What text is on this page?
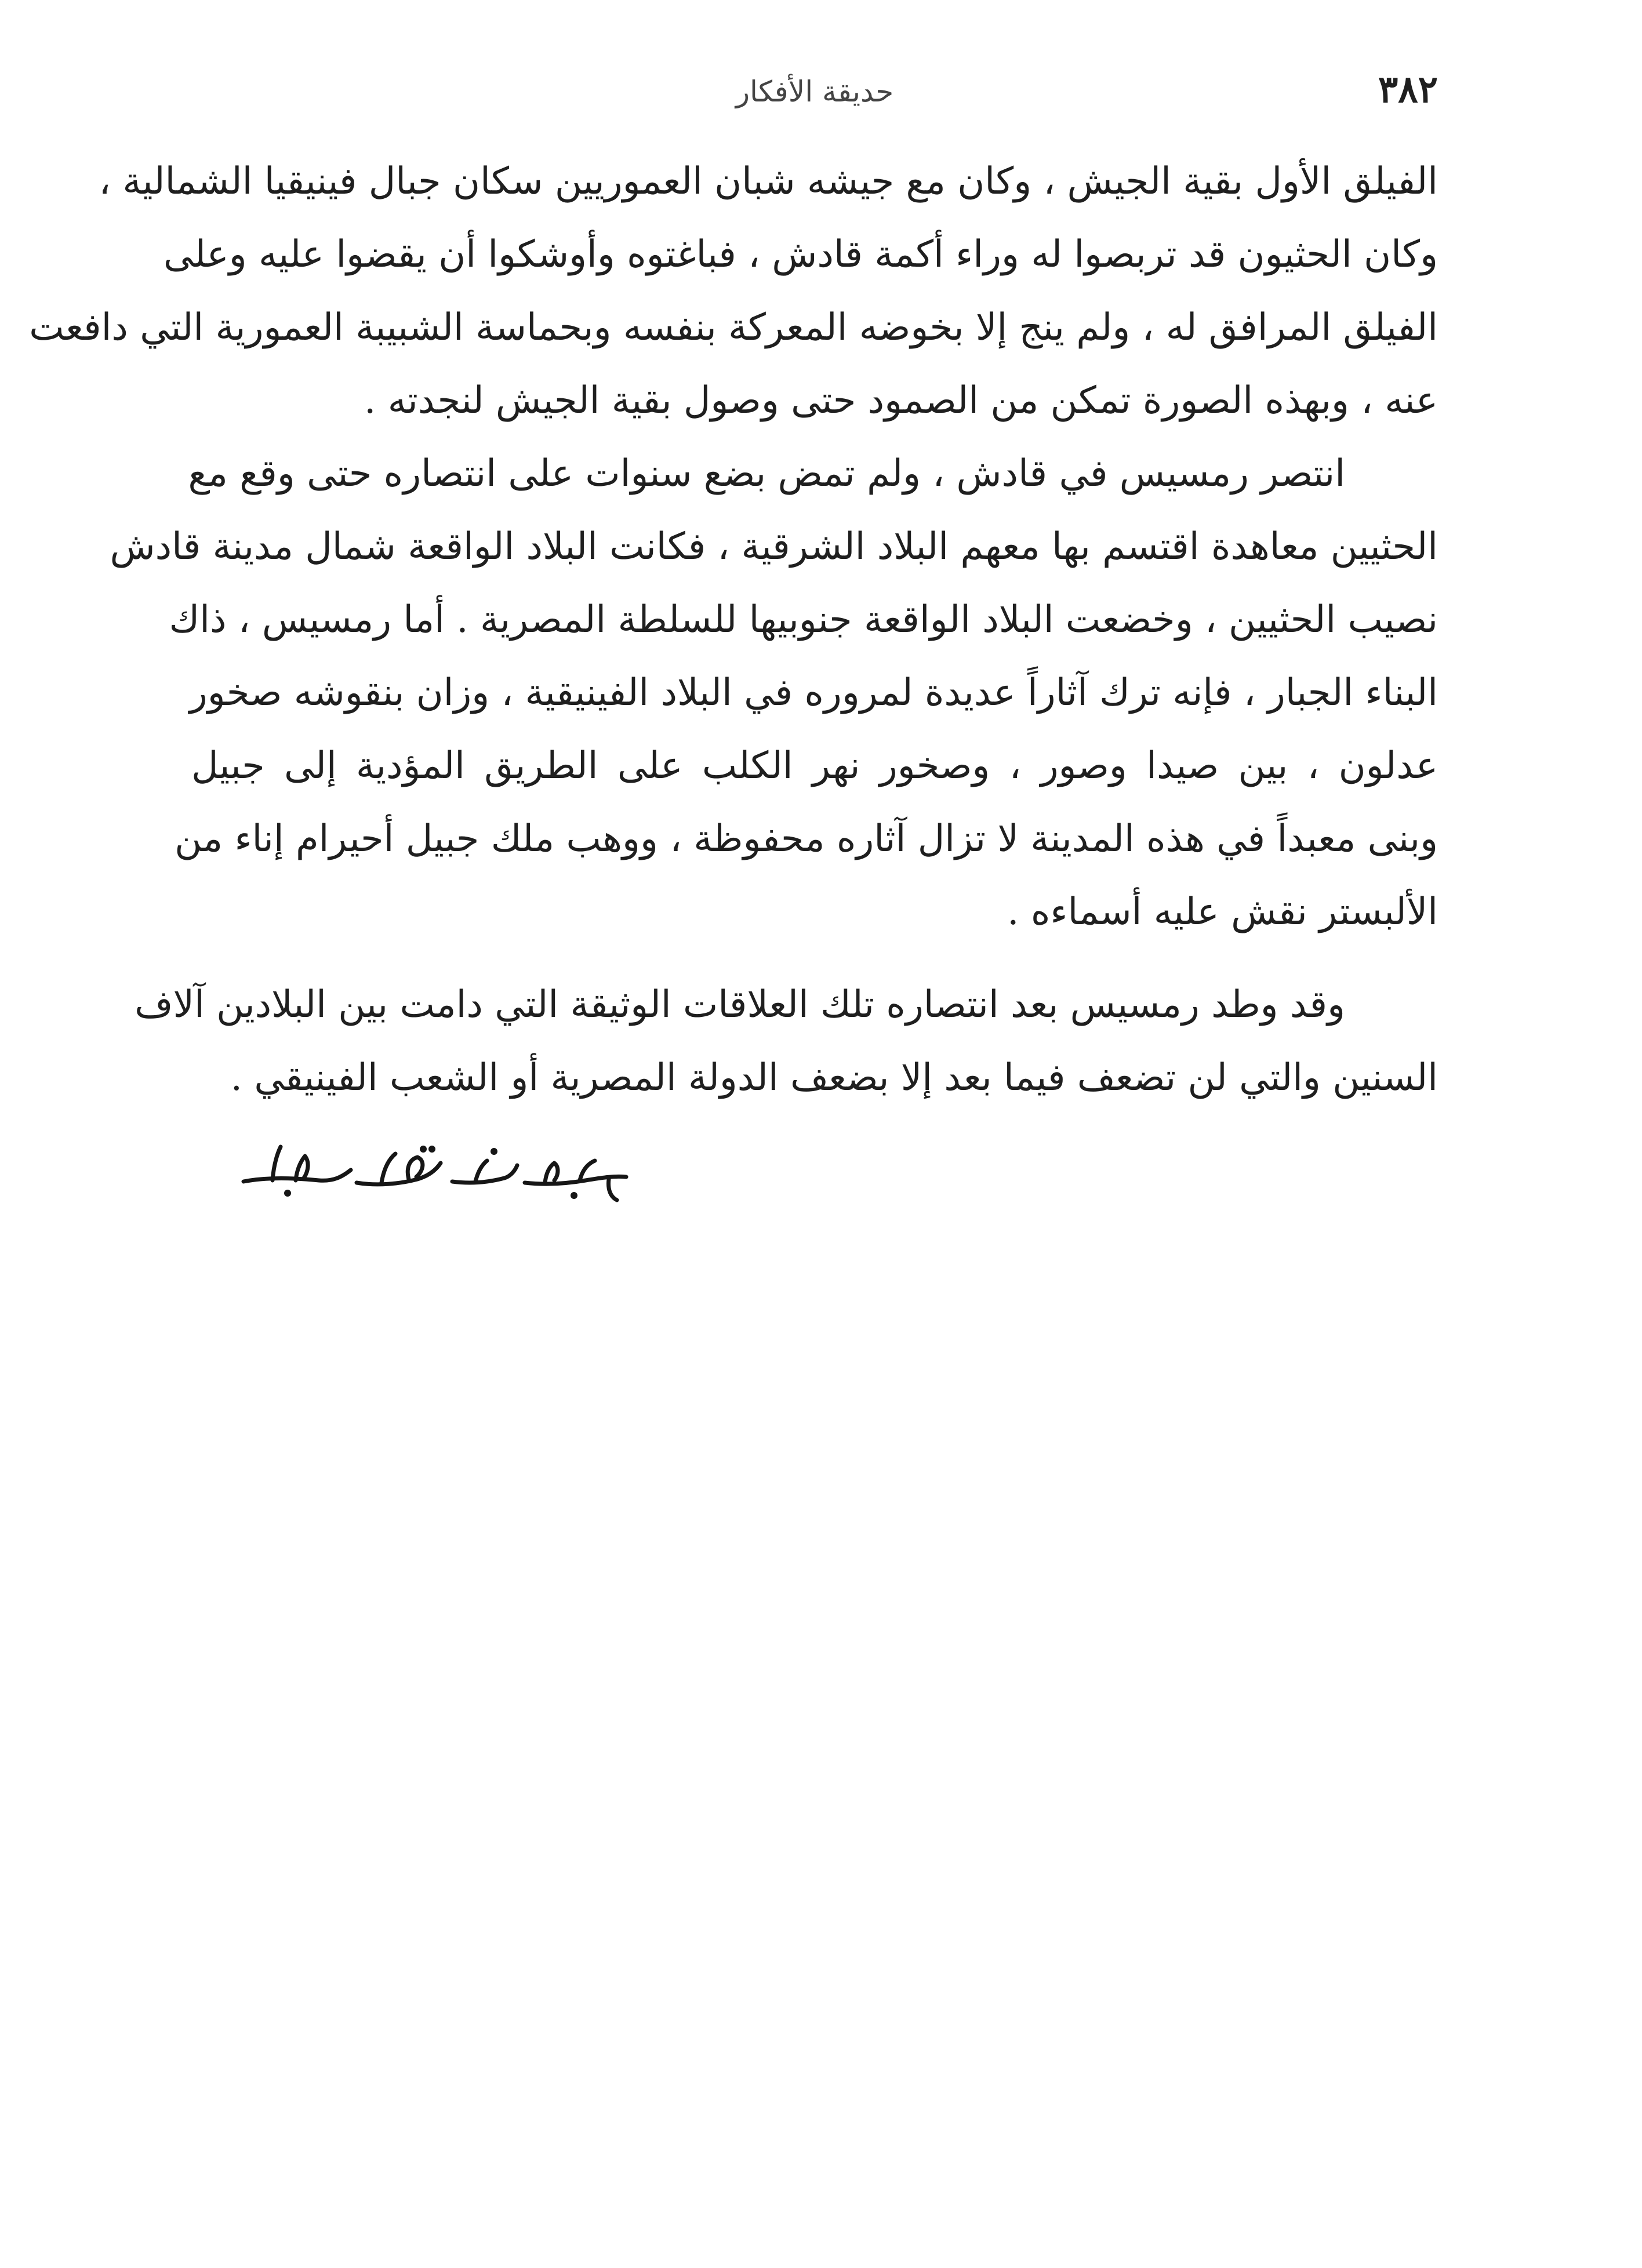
٣٨٢
حديقة الأفكار
الفيلق الأول بقية الجيش ، وكان مع جيشه شبان العموريين سكان جبال فينيقيا الشمالية ،
وكان الحثيون قد تربصوا له وراء أكمة قادش ، فباغتوه وأوشكوا أن يقضوا عليه وعلى
الفيلق المرافق له ، ولم ينج إلا بخوضه المعركة بنفسه وبحماسة الشبيبة العمورية التي دافعت
عنه ، وبهذه الصورة تمكن من الصمود حتى وصول بقية الجيش لنجدته .
انتصر رمسيس في قادش ، ولم تمض بضع سنوات على انتصاره حتى وقع مع
الحثيين معاهدة اقتسم بها معهم البلاد الشرقية ، فكانت البلاد الواقعة شمال مدينة قادش
نصيب الحثيين ، وخضعت البلاد الواقعة جنوبيها للسلطة المصرية . أما رمسيس ، ذاك
البناء الجبار ، فإنه ترك آثاراً عديدة لمروره في البلاد الفينيقية ، وزان بنقوشه صخور
عدلون ، بين صيدا وصور ، وصخور نهر الكلب على الطريق المؤدية إلى جبيل
وبنى معبداً في هذه المدينة لا تزال آثاره محفوظة ، ووهب ملك جبيل أحيرام إناء من
الألبستر نقش عليه أسماءه .
وقد وطد رمسيس بعد انتصاره تلك العلاقات الوثيقة التي دامت بين البلادين آلاف
السنين والتي لن تضعف فيما بعد إلا بضعف الدولة المصرية أو الشعب الفينيقي .
